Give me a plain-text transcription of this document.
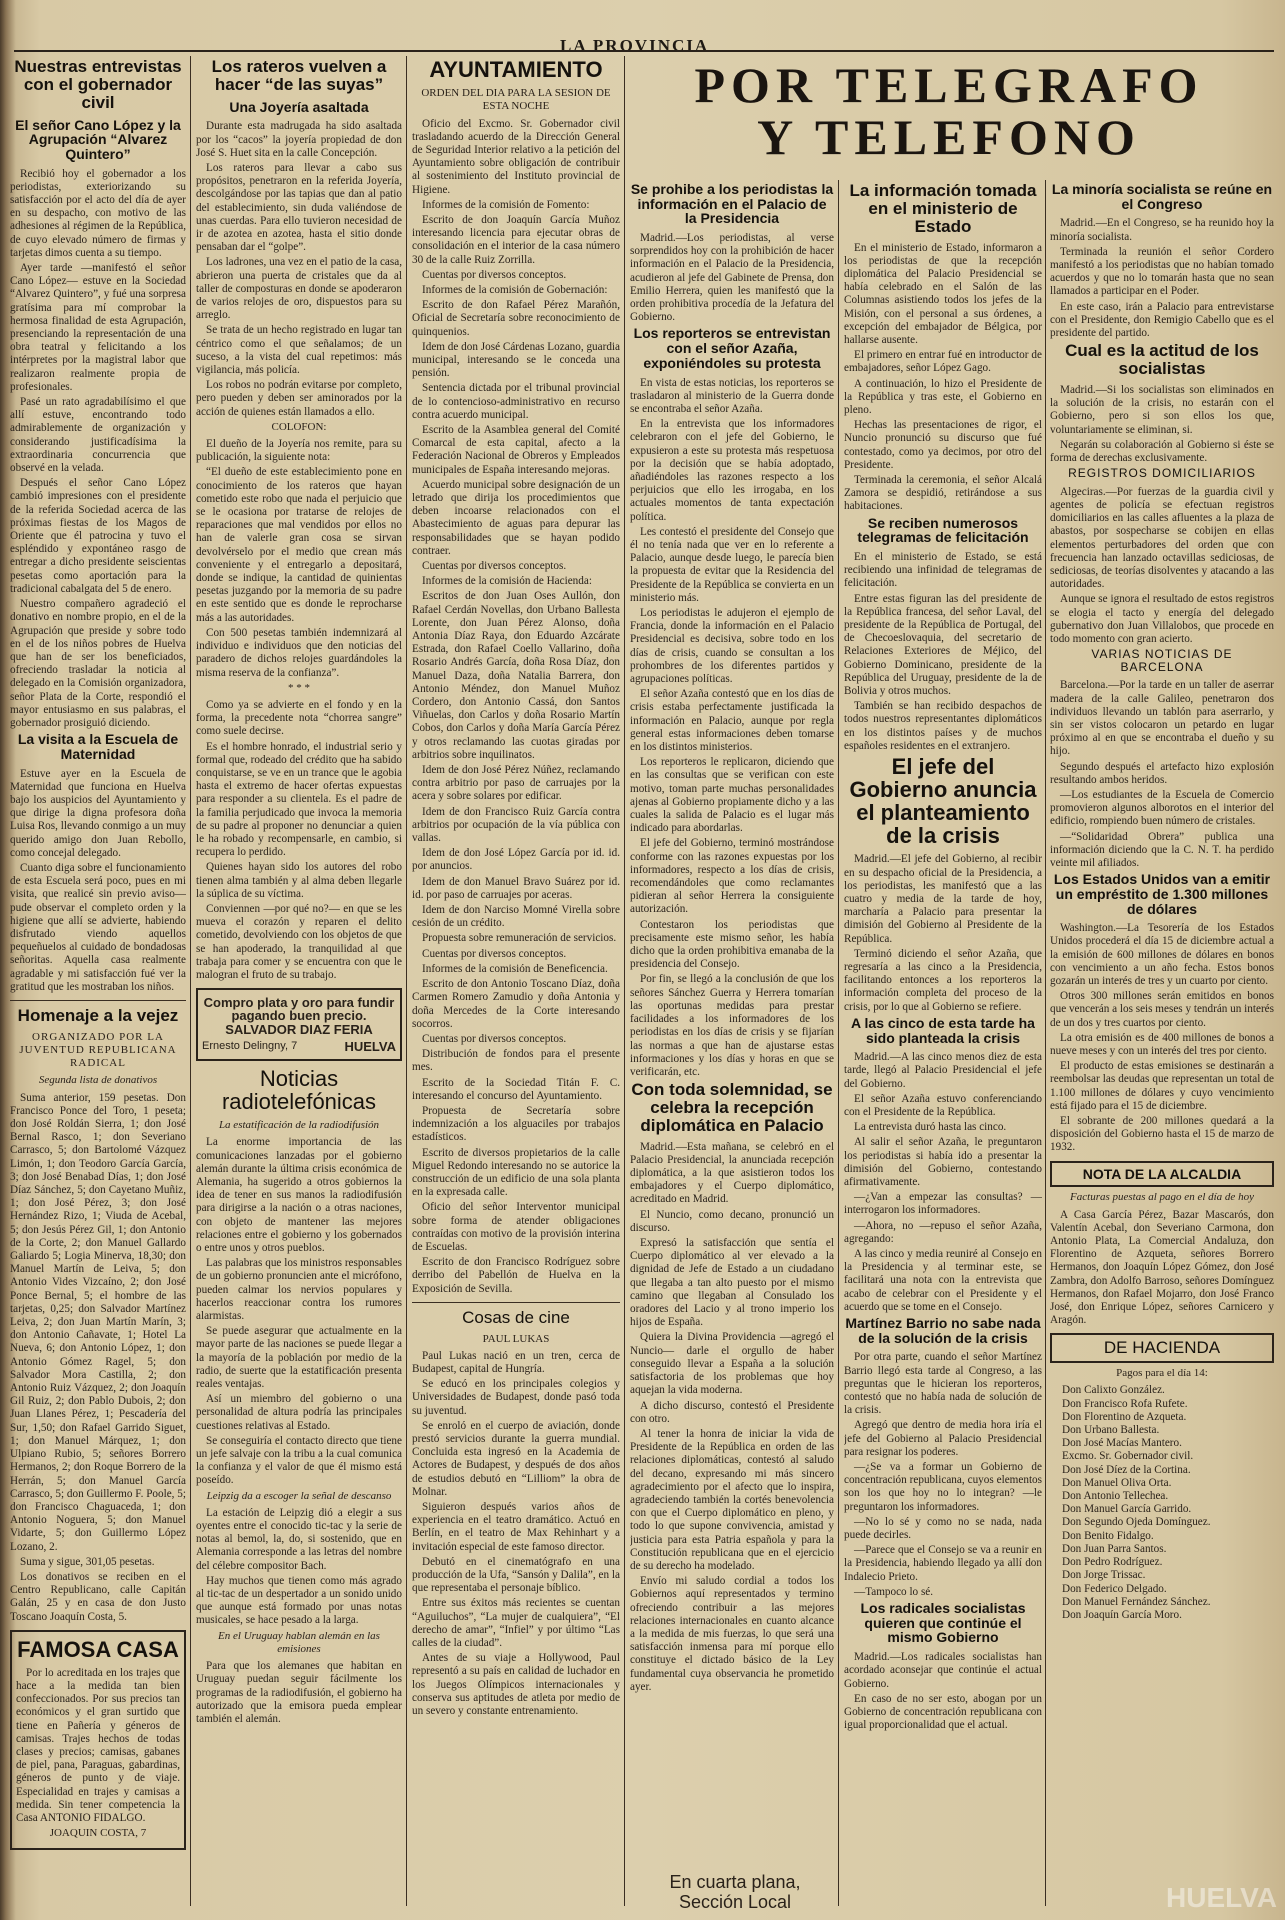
LA PROVINCIA
POR TELEGRAFO
Y TELEFONO
Nuestras entrevistas con el gobernador civil
El señor Cano López y la Agrupación “Alvarez Quintero”

Recibió hoy el gobernador a los periodistas, exteriorizando su satisfacción por el acto del día de ayer en su despacho, con motivo de las adhesiones al régimen de la República, de cuyo elevado número de firmas y tarjetas dimos cuenta a su tiempo.

Ayer tarde —manifestó el señor Cano López— estuve en la Sociedad “Alvarez Quintero”, y fué una sorpresa gratísima para mí comprobar la hermosa finalidad de esta Agrupación, presenciando la representación de una obra teatral y felicitando a los intérpretes por la magistral labor que realizaron realmente propia de profesionales.

Pasé un rato agradabilísimo el que allí estuve, encontrando todo admirablemente de organización y considerando justificadísima la extraordinaria concurrencia que observé en la velada.

Después el señor Cano López cambió impresiones con el presidente de la referida Sociedad acerca de las próximas fiestas de los Magos de Oriente que él patrocina y tuvo el espléndido y expontáneo rasgo de entregar a dicho presidente seiscientas pesetas como aportación para la tradicional cabalgata del 5 de enero.

Nuestro compañero agradeció el donativo en nombre propio, en el de la Agrupación que preside y sobre todo en el de los niños pobres de Huelva que han de ser los beneficiados, ofreciendo trasladar la noticia al delegado en la Comisión organizadora, señor Plata de la Corte, respondió el mayor entusiasmo en sus palabras, el gobernador prosiguió diciendo.

La visita a la Escuela de Maternidad

Estuve ayer en la Escuela de Maternidad que funciona en Huelva bajo los auspicios del Ayuntamiento y que dirige la digna profesora doña Luisa Ros, llevando conmigo a un muy querido amigo don Juan Rebollo, como concejal delegado.

Cuanto diga sobre el funcionamiento de esta Escuela será poco, pues en mi visita, que realicé sin previo aviso— pude observar el completo orden y la higiene que allí se advierte, habiendo disfrutado viendo aquellos pequeñuelos al cuidado de bondadosas señoritas. Aquella casa realmente agradable y mi satisfacción fué ver la gratitud que les mostraban los niños.

Homenaje a la vejez
ORGANIZADO POR LA JUVENTUD REPUBLICANA RADICAL
Segunda lista de donativos

Suma anterior, 159 pesetas. Don Francisco Ponce del Toro, 1 peseta; don José Roldán Sierra, 1; don José Bernal Rasco, 1; don Severiano Carrasco, 5; don Bartolomé Vázquez Limón, 1; don Teodoro García García, 3; don José Benabad Días, 1; don José Díaz Sánchez, 5; don Cayetano Muñiz, 1; don José Pérez, 3; don José Hernández Rizo, 1; Viuda de Acebal, 5; don Jesús Pérez Gil, 1; don Antonio de la Corte, 2; don Manuel Gallardo Galiardo 5; Logia Minerva, 18,30; don Manuel Martín de Leiva, 5; don Antonio Vides Vizcaíno, 2; don José Ponce Bernal, 5; el hombre de las tarjetas, 0,25; don Salvador Martínez Leiva, 2; don Juan Martín Marín, 3; don Antonio Cañavate, 1; Hotel La Nueva, 6; don Antonio López, 1; don Antonio Gómez Ragel, 5; don Salvador Mora Castilla, 2; don Antonio Ruiz Vázquez, 2; don Joaquín Gil Ruiz, 2; don Pablo Dubois, 2; don Juan Llanes Pérez, 1; Pescadería del Sur, 1,50; don Rafael Garrido Siguet, 1; don Manuel Márquez, 1; don Ulpiano Rubio, 5; señores Borrero Hermanos, 2; don Roque Borrero de la Herrán, 5; don Manuel García Carrasco, 5; don Guillermo F. Poole, 5; don Francisco Chaguaceda, 1; don Antonio Noguera, 5; don Manuel Vidarte, 5; don Guillermo López Lozano, 2.

Suma y sigue, 301,05 pesetas.

Los donativos se reciben en el Centro Republicano, calle Capitán Galán, 25 y en casa de don Justo Toscano Joaquín Costa, 5.

FAMOSA CASA

Por lo acreditada en los trajes que hace a la medida tan bien confeccionados. Por sus precios tan económicos y el gran surtido que tiene en Pañería y géneros de camisas. Trajes hechos de todas clases y precios; camisas, gabanes de piel, pana, Paraguas, gabardinas, géneros de punto y de viaje. Especialidad en trajes y camisas a medida. Sin tener competencia la Casa ANTONIO FIDALGO.

JOAQUIN COSTA, 7
Los rateros vuelven a hacer “de las suyas”
Una Joyería asaltada

Durante esta madrugada ha sido asaltada por los “cacos” la joyería propiedad de don José S. Huet sita en la calle Concepción.

Los rateros para llevar a cabo sus propósitos, penetraron en la referida Joyería, descolgándose por las tapias que dan al patio del establecimiento, sin duda valiéndose de unas cuerdas. Para ello tuvieron necesidad de ir de azotea en azotea, hasta el sitio donde pensaban dar el “golpe”.

Los ladrones, una vez en el patio de la casa, abrieron una puerta de cristales que da al taller de composturas en donde se apoderaron de varios relojes de oro, dispuestos para su arreglo.

Se trata de un hecho registrado en lugar tan céntrico como el que señalamos; de un suceso, a la vista del cual repetimos: más vigilancia, más policía.

Los robos no podrán evitarse por completo, pero pueden y deben ser aminorados por la acción de quienes están llamados a ello.

COLOFON:

El dueño de la Joyería nos remite, para su publicación, la siguiente nota:

“El dueño de este establecimiento pone en conocimiento de los rateros que hayan cometido este robo que nada el perjuicio que se le ocasiona por tratarse de relojes de reparaciones que mal vendidos por ellos no han de valerle gran cosa se sirvan devolvérselo por el medio que crean más conveniente y el entregarlo a depositará, donde se indique, la cantidad de quinientas pesetas juzgando por la memoria de su padre en este sentido que es donde le reprocharse más a las autoridades.

Con 500 pesetas también indemnizará al individuo e individuos que den noticias del paradero de dichos relojes guardándoles la misma reserva de la confianza”.

* * *

Como ya se advierte en el fondo y en la forma, la precedente nota “chorrea sangre” como suele decirse.

Es el hombre honrado, el industrial serio y formal que, rodeado del crédito que ha sabido conquistarse, se ve en un trance que le agobia hasta el extremo de hacer ofertas expuestas para responder a su clientela. Es el padre de la familia perjudicado que invoca la memoria de su padre al proponer no denunciar a quien le ha robado y recompensarle, en cambio, si recupera lo perdido.

Quienes hayan sido los autores del robo tienen alma también y al alma deben llegarle la súplica de su víctima.

Conviennen —por qué no?— en que se les mueva el corazón y reparen el delito cometido, devolviendo con los objetos de que se han apoderado, la tranquilidad al que trabaja para comer y se encuentra con que le malogran el fruto de su trabajo.

Compro plata y oro para fundir pagando buen precio.
SALVADOR DIAZ FERIA
Ernesto Delingny, 7	HUELVA
Noticias radiotelefónicas
La estatificación de la radiodifusión

La enorme importancia de las comunicaciones lanzadas por el gobierno alemán durante la última crisis económica de Alemania, ha sugerido a otros gobiernos la idea de tener en sus manos la radiodifusión para dirigirse a la nación o a otras naciones, con objeto de mantener las mejores relaciones entre el gobierno y los gobernados o entre unos y otros pueblos.

Las palabras que los ministros responsables de un gobierno pronuncien ante el micrófono, pueden calmar los nervios populares y hacerlos reaccionar contra los rumores alarmistas.

Se puede asegurar que actualmente en la mayor parte de las naciones se puede llegar a la mayoría de la población por medio de la radio, de suerte que la estatificación presenta reales ventajas.

Así un miembro del gobierno o una personalidad de altura podría las principales cuestiones relativas al Estado.

Se conseguiría el contacto directo que tiene un jefe salvaje con la tribu a la cual comunica la confianza y el valor de que él mismo está poseído.

Leipzig da a escoger la señal de descanso

La estación de Leipzig dió a elegir a sus oyentes entre el conocido tic-tac y la serie de notas al bemol, la, do, si sostenido, que en Alemania corresponde a las letras del nombre del célebre compositor Bach.

Hay muchos que tienen como más agrado al tic-tac de un despertador a un sonido unido que aunque está formado por unas notas musicales, se hace pesado a la larga.

En el Uruguay hablan alemán en las emisiones

Para que los alemanes que habitan en Uruguay puedan seguir fácilmente los programas de la radiodifusión, el gobierno ha autorizado que la emisora pueda emplear también el alemán.

AYUNTAMIENTO
ORDEN DEL DIA PARA LA SESION DE ESTA NOCHE

Oficio del Excmo. Sr. Gobernador civil trasladando acuerdo de la Dirección General de Seguridad Interior relativo a la petición del Ayuntamiento sobre obligación de contribuir al sostenimiento del Instituto provincial de Higiene.

Informes de la comisión de Fomento:

Escrito de don Joaquín García Muñoz interesando licencia para ejecutar obras de consolidación en el interior de la casa número 30 de la calle Ruiz Zorrilla.

Cuentas por diversos conceptos.

Informes de la comisión de Gobernación:

Escrito de don Rafael Pérez Marañón, Oficial de Secretaría sobre reconocimiento de quinquenios.

Idem de don José Cárdenas Lozano, guardia municipal, interesando se le conceda una pensión.

Sentencia dictada por el tribunal provincial de lo contencioso-administrativo en recurso contra acuerdo municipal.

Escrito de la Asamblea general del Comité Comarcal de esta capital, afecto a la Federación Nacional de Obreros y Empleados municipales de España interesando mejoras.

Acuerdo municipal sobre designación de un letrado que dirija los procedimientos que deben incoarse relacionados con el Abastecimiento de aguas para depurar las responsabilidades que se hayan podido contraer.

Cuentas por diversos conceptos.

Informes de la comisión de Hacienda:

Escritos de don Juan Oses Aullón, don Rafael Cerdán Novellas, don Urbano Ballesta Lorente, don Juan Pérez Alonso, doña Antonia Díaz Raya, don Eduardo Azcárate Estrada, don Rafael Coello Vallarino, doña Rosario Andrés García, doña Rosa Díaz, don Manuel Daza, doña Natalia Barrera, don Antonio Méndez, don Manuel Muñoz Cordero, don Antonio Cassá, don Santos Viñuelas, don Carlos y doña Rosario Martín Cobos, don Carlos y doña María García Pérez y otros reclamando las cuotas giradas por arbitrios sobre inquilinatos.

Idem de don José Pérez Núñez, reclamando contra arbitrio por paso de carruajes por la acera y sobre solares por edificar.

Idem de don Francisco Ruiz García contra arbitrios por ocupación de la vía pública con vallas.

Idem de don José López García por id. id. por anuncios.

Idem de don Manuel Bravo Suárez por id. id. por paso de carruajes por aceras.

Idem de don Narciso Momné Virella sobre cesión de un crédito.

Propuesta sobre remuneración de servicios.

Cuentas por diversos conceptos.

Informes de la comisión de Beneficencia.

Escrito de don Antonio Toscano Díaz, doña Carmen Romero Zamudio y doña Antonia y doña Mercedes de la Corte interesando socorros.

Cuentas por diversos conceptos.

Distribución de fondos para el presente mes.

Escrito de la Sociedad Titán F. C. interesando el concurso del Ayuntamiento.

Propuesta de Secretaría sobre indemnización a los alguaciles por trabajos estadísticos.

Escrito de diversos propietarios de la calle Miguel Redondo interesando no se autorice la construcción de un edificio de una sola planta en la expresada calle.

Oficio del señor Interventor municipal sobre forma de atender obligaciones contraídas con motivo de la provisión interina de Escuelas.

Escrito de don Francisco Rodríguez sobre derribo del Pabellón de Huelva en la Exposición de Sevilla.

Cosas de cine
PAUL LUKAS

Paul Lukas nació en un tren, cerca de Budapest, capital de Hungría.

Se educó en los principales colegios y Universidades de Budapest, donde pasó toda su juventud.

Se enroló en el cuerpo de aviación, donde prestó servicios durante la guerra mundial. Concluida esta ingresó en la Academia de Actores de Budapest, y después de dos años de estudios debutó en “Lilliom” la obra de Molnar.

Siguieron después varios años de experiencia en el teatro dramático. Actuó en Berlín, en el teatro de Max Rehinhart y a invitación especial de este famoso director.

Debutó en el cinematógrafo en una producción de la Ufa, “Sansón y Dalila”, en la que representaba el personaje bíblico.

Entre sus éxitos más recientes se cuentan “Aguiluchos”, “La mujer de cualquiera”, “El derecho de amar”, “Infiel” y por último “Las calles de la ciudad”.

Antes de su viaje a Hollywood, Paul representó a su país en calidad de luchador en los Juegos Olímpicos internacionales y conserva sus aptitudes de atleta por medio de un severo y constante entrenamiento.

Se prohibe a los periodistas la información en el Palacio de la Presidencia

Madrid.—Los periodistas, al verse sorprendidos hoy con la prohibición de hacer información en el Palacio de la Presidencia, acudieron al jefe del Gabinete de Prensa, don Emilio Herrera, quien les manifestó que la orden prohibitiva procedía de la Jefatura del Gobierno.

Los reporteros se entrevistan con el señor Azaña, exponiéndoles su protesta

En vista de estas noticias, los reporteros se trasladaron al ministerio de la Guerra donde se encontraba el señor Azaña.

En la entrevista que los informadores celebraron con el jefe del Gobierno, le expusieron a este su protesta más respetuosa por la decisión que se había adoptado, añadiéndoles las razones respecto a los perjuicios que ello les irrogaba, en los actuales momentos de tanta expectación política.

Les contestó el presidente del Consejo que él no tenía nada que ver en lo referente a Palacio, aunque desde luego, le parecía bien la propuesta de evitar que la Residencia del Presidente de la República se convierta en un ministerio más.

Los periodistas le adujeron el ejemplo de Francia, donde la información en el Palacio Presidencial es decisiva, sobre todo en los días de crisis, cuando se consultan a los prohombres de los diferentes partidos y agrupaciones políticas.

El señor Azaña contestó que en los días de crisis estaba perfectamente justificada la información en Palacio, aunque por regla general estas informaciones deben tomarse en los distintos ministerios.

Los reporteros le replicaron, diciendo que en las consultas que se verifican con este motivo, toman parte muchas personalidades ajenas al Gobierno propiamente dicho y a las cuales la salida de Palacio es el lugar más indicado para abordarlas.

El jefe del Gobierno, terminó mostrándose conforme con las razones expuestas por los informadores, respecto a los días de crisis, recomendándoles que como reclamantes pidieran al señor Herrera la consiguiente autorización.

Contestaron los periodistas que precisamente este mismo señor, les había dicho que la orden prohibitiva emanaba de la presidencia del Consejo.

Por fin, se llegó a la conclusión de que los señores Sánchez Guerra y Herrera tomarían las oportunas medidas para prestar facilidades a los informadores de los periodistas en los días de crisis y se fijarían las normas a que han de ajustarse estas informaciones y los días y horas en que se verificarán, etc.

Con toda solemnidad, se celebra la recepción diplomática en Palacio

Madrid.—Esta mañana, se celebró en el Palacio Presidencial, la anunciada recepción diplomática, a la que asistieron todos los embajadores y el Cuerpo diplomático, acreditado en Madrid.

El Nuncio, como decano, pronunció un discurso.

Expresó la satisfacción que sentía el Cuerpo diplomático al ver elevado a la dignidad de Jefe de Estado a un ciudadano que llegaba a tan alto puesto por el mismo camino que llegaban al Consulado los oradores del Lacio y al trono imperio los hijos de España.

Quiera la Divina Providencia —agregó el Nuncio— darle el orgullo de haber conseguido llevar a España a la solución satisfactoria de los problemas que hoy aquejan la vida moderna.

A dicho discurso, contestó el Presidente con otro.

Al tener la honra de iniciar la vida de Presidente de la República en orden de las relaciones diplomáticas, contestó al saludo del decano, expresando mi más sincero agradecimiento por el afecto que lo inspira, agradeciendo también la cortés benevolencia con que el Cuerpo diplomático en pleno, y todo lo que supone convivencia, amistad y justicia para esta Patria española y para la Constitución republicana que en el ejercicio de su derecho ha modelado.

Envío mi saludo cordial a todos los Gobiernos aquí representados y termino ofreciendo contribuir a las mejores relaciones internacionales en cuanto alcance a la medida de mis fuerzas, lo que será una satisfacción inmensa para mí porque ello constituye el dictado básico de la Ley fundamental cuya observancia he prometido ayer.

En cuarta plana, Sección Local
La información tomada en el ministerio de Estado

En el ministerio de Estado, informaron a los periodistas de que la recepción diplomática del Palacio Presidencial se había celebrado en el Salón de las Columnas asistiendo todos los jefes de la Misión, con el personal a sus órdenes, a excepción del embajador de Bélgica, por hallarse ausente.

El primero en entrar fué en introductor de embajadores, señor López Gago.

A continuación, lo hizo el Presidente de la República y tras este, el Gobierno en pleno.

Hechas las presentaciones de rigor, el Nuncio pronunció su discurso que fué contestado, como ya decimos, por otro del Presidente.

Terminada la ceremonia, el señor Alcalá Zamora se despidió, retirándose a sus habitaciones.

Se reciben numerosos telegramas de felicitación

En el ministerio de Estado, se está recibiendo una infinidad de telegramas de felicitación.

Entre estas figuran las del presidente de la República francesa, del señor Laval, del presidente de la República de Portugal, del de Checoeslovaquia, del secretario de Relaciones Exteriores de Méjico, del Gobierno Dominicano, presidente de la República del Uruguay, presidente de la de Bolivia y otros muchos.

También se han recibido despachos de todos nuestros representantes diplomáticos en los distintos países y de muchos españoles residentes en el extranjero.

El jefe del Gobierno anuncia el planteamiento de la crisis

Madrid.—El jefe del Gobierno, al recibir en su despacho oficial de la Presidencia, a los periodistas, les manifestó que a las cuatro y media de la tarde de hoy, marcharía a Palacio para presentar la dimisión del Gobierno al Presidente de la República.

Terminó diciendo el señor Azaña, que regresaría a las cinco a la Presidencia, facilitando entonces a los reporteros la información completa del proceso de la crisis, por lo que al Gobierno se refiere.

A las cinco de esta tarde ha sido planteada la crisis

Madrid.—A las cinco menos diez de esta tarde, llegó al Palacio Presidencial el jefe del Gobierno.

El señor Azaña estuvo conferenciando con el Presidente de la República.

La entrevista duró hasta las cinco.

Al salir el señor Azaña, le preguntaron los periodistas si había ido a presentar la dimisión del Gobierno, contestando afirmativamente.

—¿Van a empezar las consultas? —interrogaron los informadores.

—Ahora, no —repuso el señor Azaña, agregando:

A las cinco y media reuniré al Consejo en la Presidencia y al terminar este, se facilitará una nota con la entrevista que acabo de celebrar con el Presidente y el acuerdo que se tome en el Consejo.

Martínez Barrio no sabe nada de la solución de la crisis

Por otra parte, cuando el señor Martínez Barrio llegó esta tarde al Congreso, a las preguntas que le hicieran los reporteros, contestó que no había nada de solución de la crisis.

Agregó que dentro de media hora iría el jefe del Gobierno al Palacio Presidencial para resignar los poderes.

—¿Se va a formar un Gobierno de concentración republicana, cuyos elementos son los que hoy no lo integran? —le preguntaron los informadores.

—No lo sé y como no se nada, nada puede decirles.

—Parece que el Consejo se va a reunir en la Presidencia, habiendo llegado ya allí don Indalecio Prieto.

—Tampoco lo sé.

Los radicales socialistas quieren que continúe el mismo Gobierno

Madrid.—Los radicales socialistas han acordado aconsejar que continúe el actual Gobierno.

En caso de no ser esto, abogan por un Gobierno de concentración republicana con igual proporcionalidad que el actual.

La minoría socialista se reúne en el Congreso

Madrid.—En el Congreso, se ha reunido hoy la minoría socialista.

Terminada la reunión el señor Cordero manifestó a los periodistas que no habían tomado acuerdos y que no lo tomarán hasta que no sean llamados a participar en el Poder.

En este caso, irán a Palacio para entrevistarse con el Presidente, don Remigio Cabello que es el presidente del partido.

Cual es la actitud de los socialistas

Madrid.—Si los socialistas son eliminados en la solución de la crisis, no estarán con el Gobierno, pero si son ellos los que, voluntariamente se eliminan, si.

Negarán su colaboración al Gobierno si éste se forma de derechas exclusivamente.

REGISTROS DOMICILIARIOS

Algeciras.—Por fuerzas de la guardia civil y agentes de policía se efectuan registros domiciliarios en las calles afluentes a la plaza de abastos, por sospecharse se cobijen en ellas elementos perturbadores del orden que con frecuencia han lanzado octavillas sediciosas, de sediciosas, de teorías disolventes y atacando a las autoridades.

Aunque se ignora el resultado de estos registros se elogia el tacto y energía del delegado gubernativo don Juan Villalobos, que procede en todo momento con gran acierto.

VARIAS NOTICIAS DE BARCELONA

Barcelona.—Por la tarde en un taller de aserrar madera de la calle Galileo, penetraron dos individuos llevando un tablón para aserrarlo, y sin ser vistos colocaron un petardo en lugar próximo al en que se encontraba el dueño y su hijo.

Segundo después el artefacto hizo explosión resultando ambos heridos.

—Los estudiantes de la Escuela de Comercio promovieron algunos alborotos en el interior del edificio, rompiendo buen número de cristales.

—“Solidaridad Obrera” publica una información diciendo que la C. N. T. ha perdido veinte mil afiliados.

Los Estados Unidos van a emitir un empréstito de 1.300 millones de dólares

Washington.—La Tesorería de los Estados Unidos procederá el día 15 de diciembre actual a la emisión de 600 millones de dólares en bonos con vencimiento a un año fecha. Estos bonos gozarán un interés de tres y un cuarto por ciento.

Otros 300 millones serán emitidos en bonos que vencerán a los seis meses y tendrán un interés de un dos y tres cuartos por ciento.

La otra emisión es de 400 millones de bonos a nueve meses y con un interés del tres por ciento.

El producto de estas emisiones se destinarán a reembolsar las deudas que representan un total de 1.100 millones de dólares y cuyo vencimiento está fijado para el 15 de diciembre.

El sobrante de 200 millones quedará a la disposición del Gobierno hasta el 15 de marzo de 1932.

NOTA DE LA ALCALDIA
Facturas puestas al pago en el día de hoy

A Casa García Pérez, Bazar Mascarós, don Valentín Acebal, don Severiano Carmona, don Antonio Plata, La Comercial Andaluza, don Florentino de Azqueta, señores Borrero Hermanos, don Joaquín López Gómez, don José Zambra, don Adolfo Barroso, señores Domínguez Hermanos, don Rafael Mojarro, don José Franco José, don Enrique López, señores Carnicero y Aragón.

DE HACIENDA
Pagos para el día 14:
Don Calixto González.
Don Francisco Rofa Rufete.
Don Florentino de Azqueta.
Don Urbano Ballesta.
Don José Macías Mantero.
Excmo. Sr. Gobernador civil.
Don José Díez de la Cortina.
Don Manuel Oliva Orta.
Don Antonio Tellechea.
Don Manuel García Garrido.
Don Segundo Ojeda Domínguez.
Don Benito Fidalgo.
Don Juan Parra Santos.
Don Pedro Rodríguez.
Don Jorge Trissac.
Don Federico Delgado.
Don Manuel Fernández Sánchez.
Don Joaquín García Moro.
HUELVA
